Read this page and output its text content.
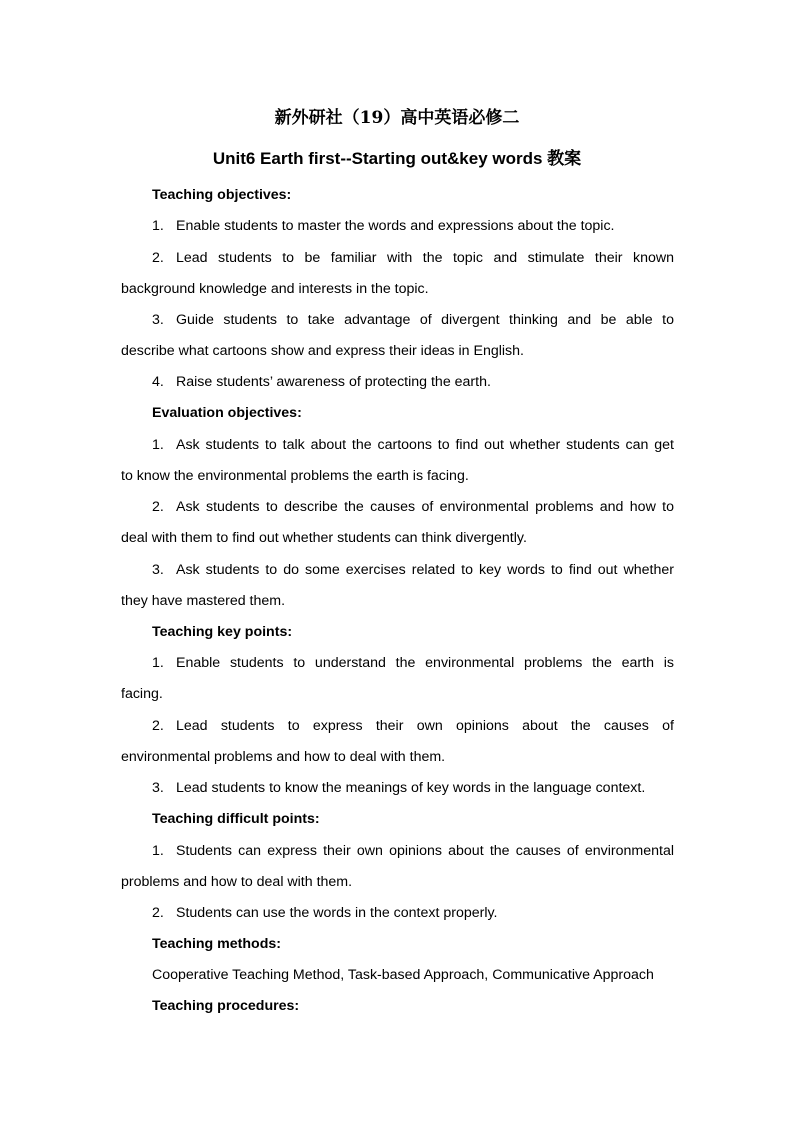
新外研社（19）高中英语必修二
Unit6 Earth first--Starting out&key words 教案
Teaching objectives:
1. Enable students to master the words and expressions about the topic.
2. Lead students to be familiar with the topic and stimulate their known
background knowledge and interests in the topic.
3. Guide students to take advantage of divergent thinking and be able to
describe what cartoons show and express their ideas in English.
4. Raise students’ awareness of protecting the earth.
Evaluation objectives:
1. Ask students to talk about the cartoons to find out whether students can get
to know the environmental problems the earth is facing.
2. Ask students to describe the causes of environmental problems and how to
deal with them to find out whether students can think divergently.
3. Ask students to do some exercises related to key words to find out whether
they have mastered them.
Teaching key points:
1. Enable students to understand the environmental problems the earth is
facing.
2. Lead students to express their own opinions about the causes of
environmental problems and how to deal with them.
3. Lead students to know the meanings of key words in the language context.
Teaching difficult points:
1. Students can express their own opinions about the causes of environmental
problems and how to deal with them.
2. Students can use the words in the context properly.
Teaching methods:
Cooperative Teaching Method, Task-based Approach, Communicative Approach
Teaching procedures:
